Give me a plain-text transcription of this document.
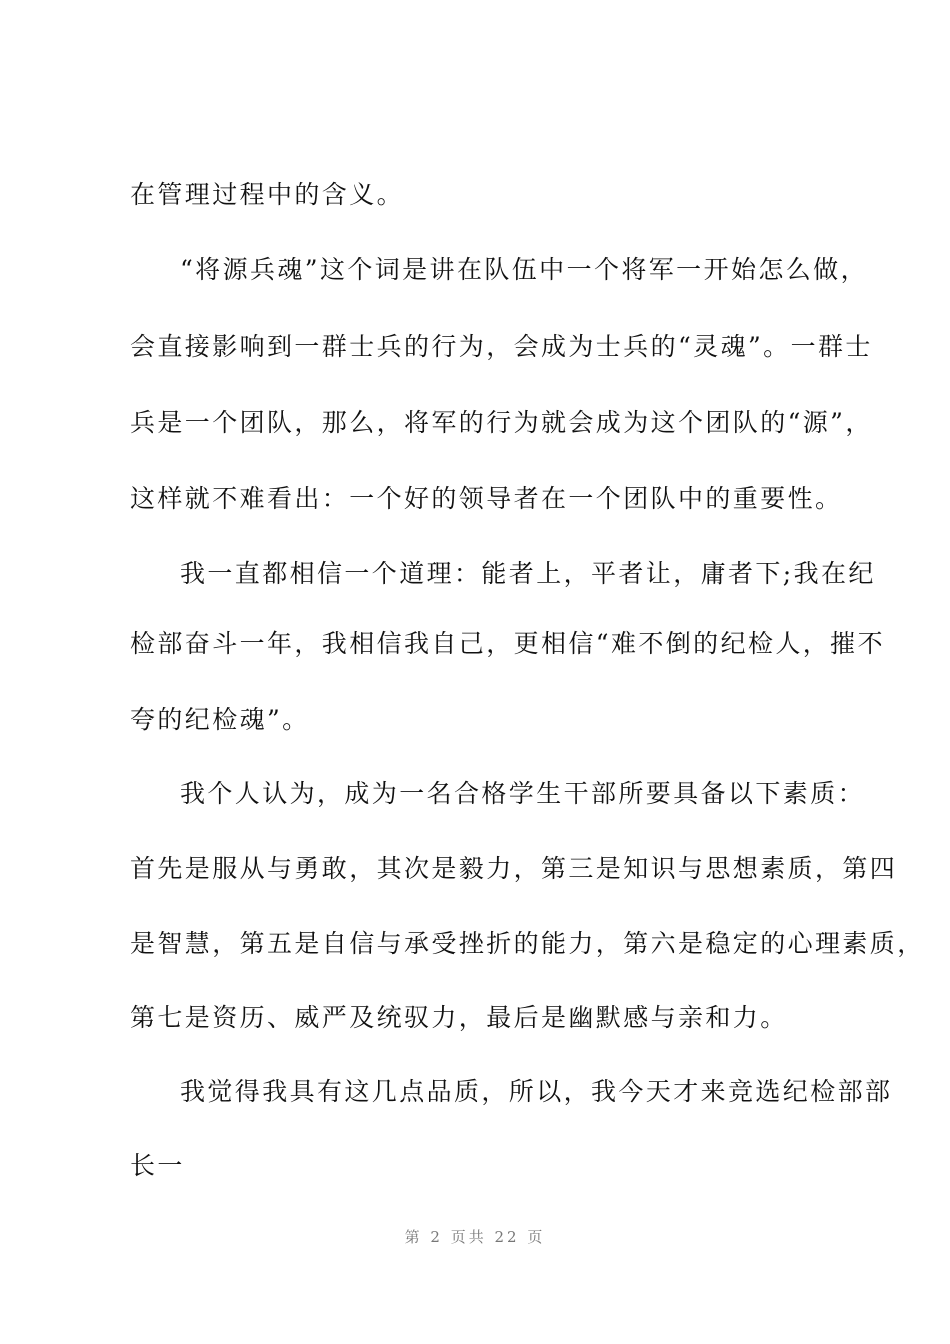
在管理过程中的含义。
“将源兵魂”这个词是讲在队伍中一个将军一开始怎么做，
会直接影响到一群士兵的行为，会成为士兵的“灵魂”。一群士
兵是一个团队，那么，将军的行为就会成为这个团队的“源”，
这样就不难看出：一个好的领导者在一个团队中的重要性。
我一直都相信一个道理：能者上，平者让，庸者下;我在纪
检部奋斗一年，我相信我自己，更相信“难不倒的纪检人，摧不
夸的纪检魂”。
我个人认为，成为一名合格学生干部所要具备以下素质：
首先是服从与勇敢，其次是毅力，第三是知识与思想素质，第四
是智慧，第五是自信与承受挫折的能力，第六是稳定的心理素质，
第七是资历、威严及统驭力，最后是幽默感与亲和力。
我觉得我具有这几点品质，所以，我今天才来竞选纪检部部
长一
第 2 页共 22 页
